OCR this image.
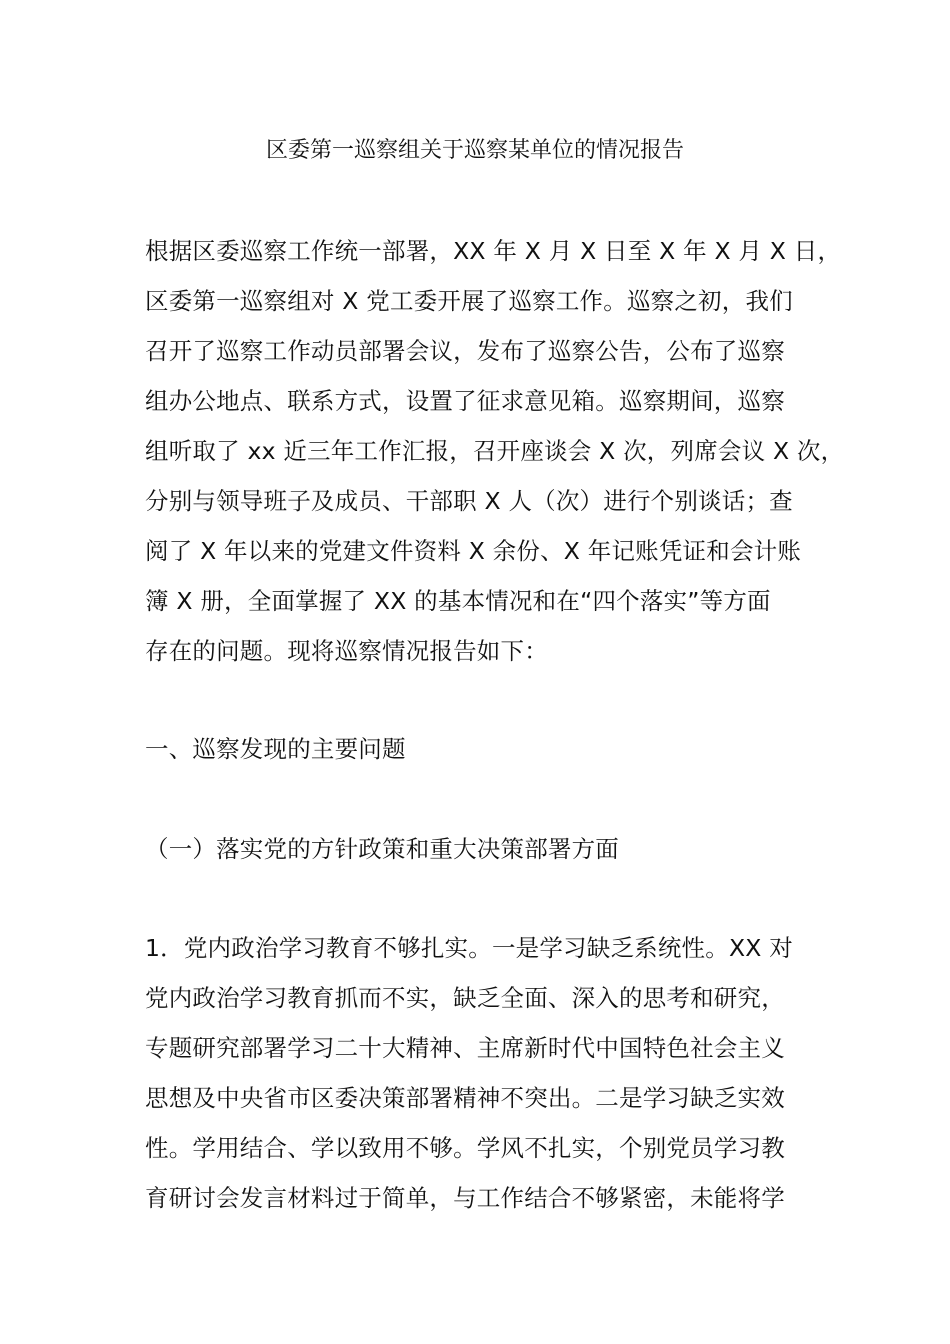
区委第一巡察组关于巡察某单位的情况报告
根据区委巡察工作统一部署，XX 年 X 月 X 日至 X 年 X 月 X 日，
区委第一巡察组对 X 党工委开展了巡察工作。巡察之初，我们
召开了巡察工作动员部署会议，发布了巡察公告，公布了巡察
组办公地点、联系方式，设置了征求意见箱。巡察期间，巡察
组听取了 xx 近三年工作汇报，召开座谈会 X 次，列席会议 X 次，
分别与领导班子及成员、干部职 X 人（次）进行个别谈话；查
阅了 X 年以来的党建文件资料 X 余份、X 年记账凭证和会计账
簿 X 册，全面掌握了 XX 的基本情况和在“四个落实”等方面
存在的问题。现将巡察情况报告如下：
一、巡察发现的主要问题
（一）落实党的方针政策和重大决策部署方面
1．党内政治学习教育不够扎实。一是学习缺乏系统性。XX 对
党内政治学习教育抓而不实，缺乏全面、深入的思考和研究，
专题研究部署学习二十大精神、主席新时代中国特色社会主义
思想及中央省市区委决策部署精神不突出。二是学习缺乏实效
性。学用结合、学以致用不够。学风不扎实，个别党员学习教
育研讨会发言材料过于简单，与工作结合不够紧密，未能将学
